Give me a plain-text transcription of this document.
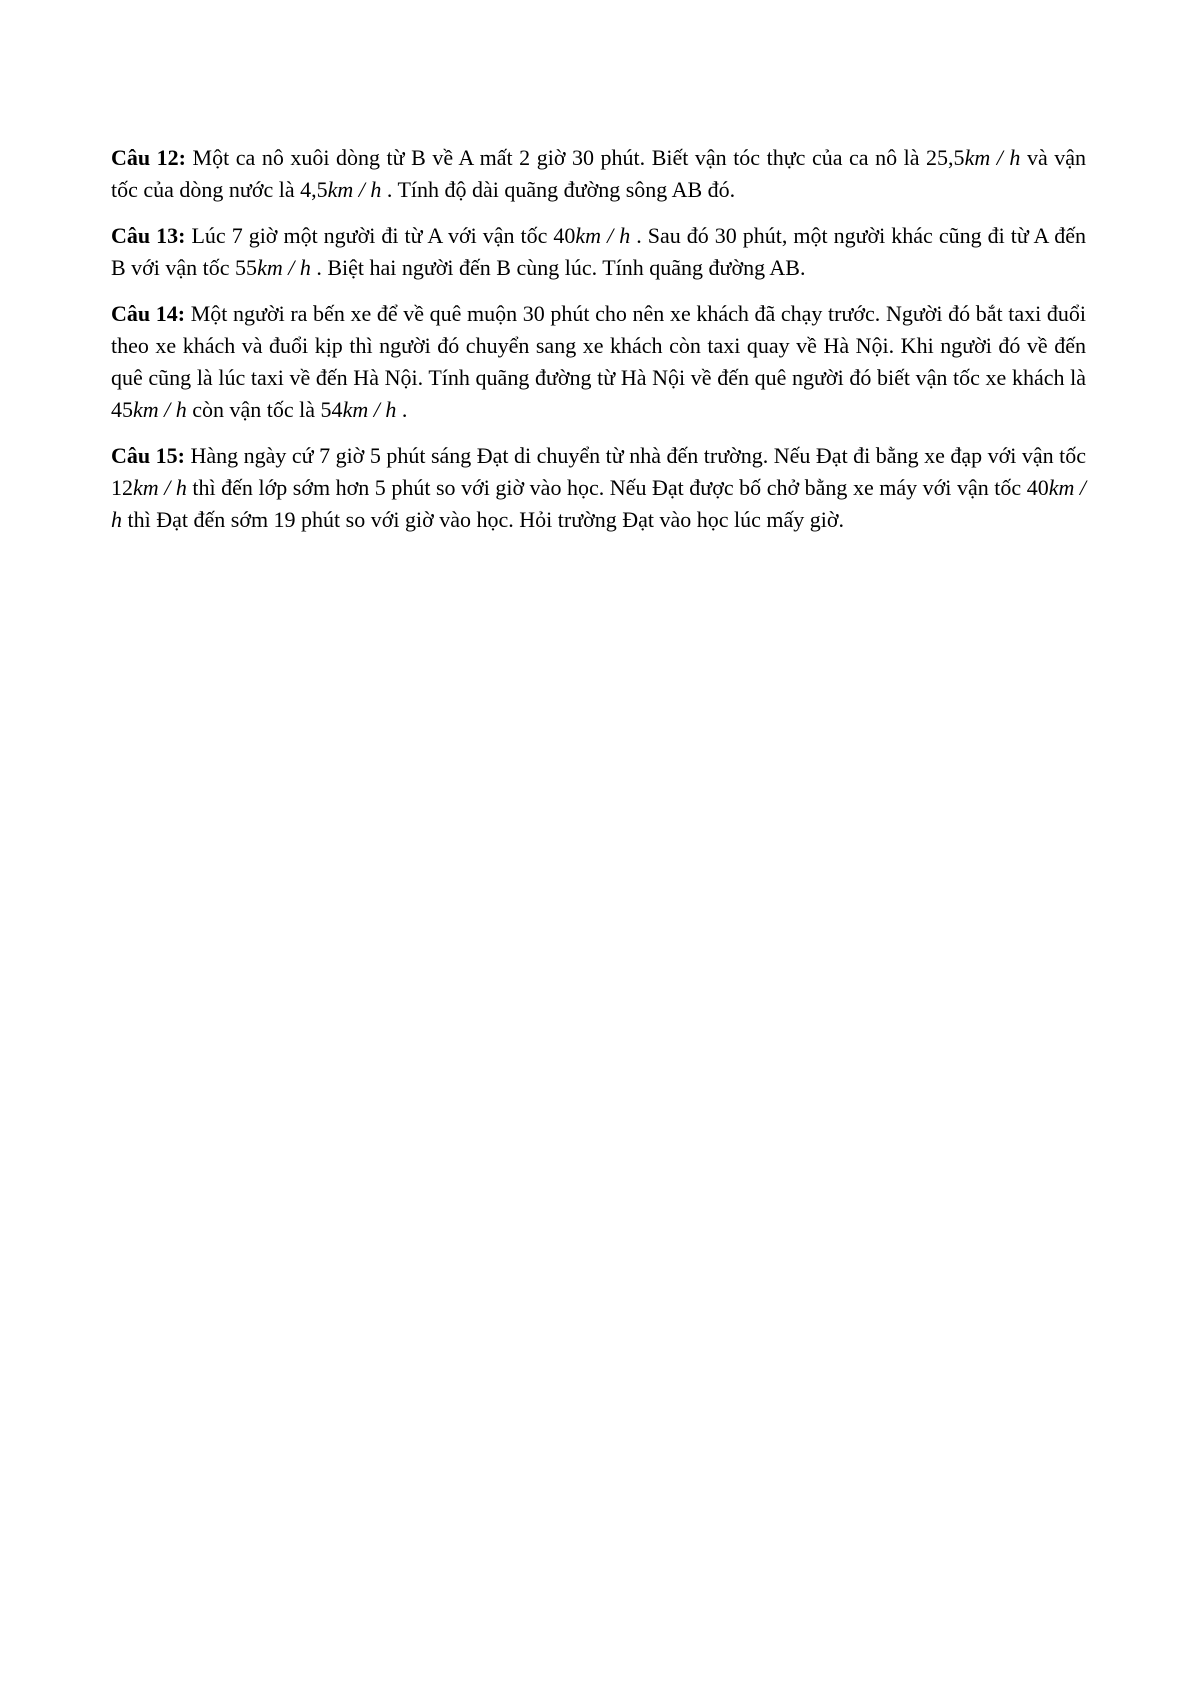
Câu 12: Một ca nô xuôi dòng từ B về A mất 2 giờ 30 phút. Biết vận tóc thực của ca nô là 25,5km / h và vận tốc của dòng nước là 4,5km / h . Tính độ dài quãng đường sông AB đó.

Câu 13: Lúc 7 giờ một người đi từ A với vận tốc 40km / h . Sau đó 30 phút, một người khác cũng đi từ A đến B với vận tốc 55km / h . Biệt hai người đến B cùng lúc. Tính quãng đường AB.

Câu 14: Một người ra bến xe để về quê muộn 30 phút cho nên xe khách đã chạy trước. Người đó bắt taxi đuổi theo xe khách và đuổi kịp thì người đó chuyển sang xe khách còn taxi quay về Hà Nội. Khi người đó về đến quê cũng là lúc taxi về đến Hà Nội. Tính quãng đường từ Hà Nội về đến quê người đó biết vận tốc xe khách là 45km / h còn vận tốc là 54km / h .

Câu 15: Hàng ngày cứ 7 giờ 5 phút sáng Đạt di chuyển từ nhà đến trường. Nếu Đạt đi bằng xe đạp với vận tốc 12km / h thì đến lớp sớm hơn 5 phút so với giờ vào học. Nếu Đạt được bố chở bằng xe máy với vận tốc 40km / h thì Đạt đến sớm 19 phút so với giờ vào học. Hỏi trường Đạt vào học lúc mấy giờ.
